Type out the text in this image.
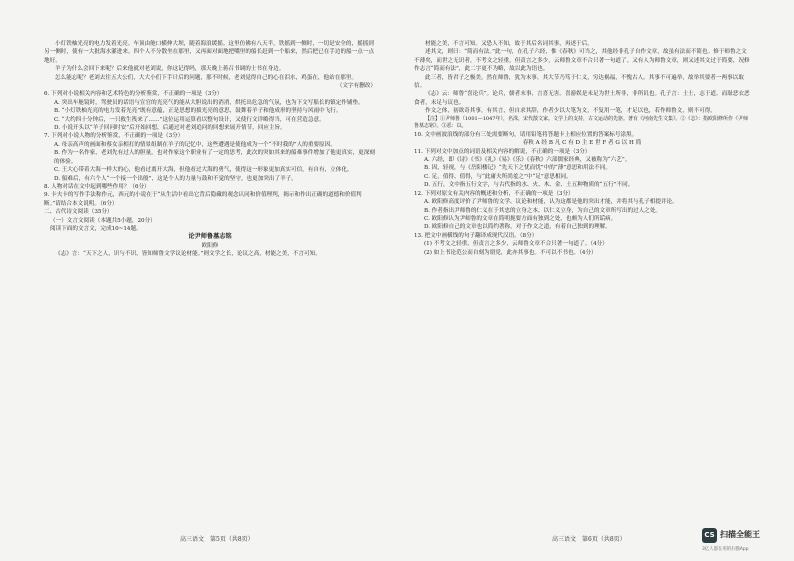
小灯铁柚光亮的电力发着光亮。车顶由舱口横伸大坝，随着海浪缓摇。这里仿佛有八天半，铁摇到一侧时，一切是安全的，摇摇到另一侧时，使有一大批海水灌进来。四个人不分散坐在那里，又再面对面地把嘴里的船长赶到一个船来，然后把已在手边的船一点一点地好。

羊子为什么会回下来呢？后来他就对老刘说，你这记得吗，那天晚上蒋召书调的士书在身边。

怎么能忘呢？老刘去往五大公们，大大小们下手计后的问题，那不时候，老刘觉得自己的心在泪水，鸡蛋在，他站在那里。

（文字有删改）

6. 下列对小说相关内容和艺术特色的分析鉴赏，不正确的一项是（3分）

A. 突出车舱镜时，驾驶员的话语与宣官的光亮气的能从大胆说出的消消，烘托出危急的气氛，也为下文写船长的镇定作铺垫。

B. “小灯铁柚光亮的电力发着光亮”既有意蕴，正是思想的拔光亮的意思，鼓舞着羊子和他成形的坚持与风雨中飞行。

C. “大约四十分钟后，一只救生筏来了……”这位运用运算看以整句设计，又使行文详略得当，可在营造急意。

D. 小说开头以“羊子回问时安”后开始回想，后通过对老刘追问的回想来展开情节，回应主旨。

7. 下列对小说人物的分析鉴赏，不正确的一项是（3分）

A. 母亲高声的画面和蔡女亲相打的情景组制在羊子的记忆中，这些遭遇是使他成为一个“不时我的”人的重要原因。

B. 作为一名作家，老刘先有过人的胆量，也对作家这个职业有了一定的思考，此次的突如其来的船难事件增加了他更真实，更深刻的体验。

C. 王大心带着大海一样大的心，他看过离开大海，但他看过大海的勇气，使得这一形象更加真实可信，有自有，立体化。

D. 船难后，有六个人“一个接一个出般”，这是个人的力量与鼓和不觉的坚守，也更加突出了羊子。

8. 人物对话在文中起到哪些作用？（6分）

9. 卡夫卡的写作手法称作元，西元的小说在于“从生活中看出它背后隐藏的观念认同和价值理判，揭示和作出正确的道德和价值判断。”请结合本文说明。（6分）

二、古代诗文阅读（35分）

（一）文言文阅读（本题共5小题，20分）

阅读下面的文言文，完成10~14题。

论尹师鲁墓志铭

欧阳修

《志》言：“天下之人，识与不识，皆知师鲁文学议论材能。”则文学之长，论议之高，材能之美，不言可知。

高三语文　第5页（共8页）

材能之美，不言可知。又恐人不知，故于其后名词其事，再述于后。

述其文，则曰：“简而有法。”此一句，在孔子六经，惟《春秋》可当之，其他经非孔子自作文章，故虽有法而不简也。修于师鲁之文不薄矣，而世之无识者，不考文之轻重，但责言之多少，云师鲁文章不合只著一句道了。又有人为师鲁文章，则又述其文过于简要，况修作志言“简而有法”，此二字更不为略，故以此为语也。

此三者，皆君子之极美。然在师鲁，犹为末事。其大节乃笃于仁义，穷达祸福，不愧古人。其事不可遍举，故举其要者一两事以取信。

《志》云：师鲁“喜论兵”。论兵，儒者末事，言喜无害。喜游娱是未足为世士所非，非所讥也。孔子言：士士，志于道。而耻恶衣恶食者，未足与议也。

作文之体，初欲奇其事，有其言，但自求其辞，作者少以大笔为文，不复用一笔，才足以也，若作师鲁文，则不可得。

【注】①尹师鲁（1001—1047年），名洙，宋代散文家。文学上的支持，古文运动的先驱。著有《河南先生文集》。②《志》：指欧阳修所作《尹师鲁墓志铭》。③恶：以。

10. 文中画波浪线的部分有三处需要断句，请用铅笔将答题卡上相应位置的答案标号涂黑。

春秋 A 经 B 凡 C 有 D 主 E 世 F 者 G 以 H 简

11. 下列对文中加点的词语及相关内容的解说，不正确的一项是（3分）

A. 六经，即《诗》《书》《礼》《易》《乐》《春秋》六部儒家经典，又被称为“六艺”。

B. 因，轻视，与《岳阳楼记》“先天下之忧而忧”中的“薄”意思和用法不同。

C. 足，值得、值得，与“此庸夫所尚羞之”中“足”意思相同。

D. 五行，文中指五行文字，与古代指的水、火、木、金、土五种物质的“五行”不同。

12. 下列对原文有关内容的概述和分析，不正确的一项是（3分）

A. 欧阳修高度评价了尹师鲁的文学、议论和材能，认为这都是他的突出才能，并将其与孔子相提并论。

B. 作者指出尹师鲁的仁义在于其忠的立身之本，以仁义立身，为自己的文章所写出的过人之处。

C. 欧阳修认为尹师鲁的文章在简明扼要方面有独到之处，也颇为人们所诟病。

D. 欧阳修自己的文章也以简约著称，对于作文之道，有着自己独到的理解。

13. 把文中画横线的句子翻译成现代汉语。（8分）

(1) 不考文之轻重，但责言之多少，云师鲁文章不合只著一句道了。（4分）

(2) 如上书论范公而自刻为朋党，此亦其事也。不可以不书也。（4分）

高三语文　第6页（共8页）
CS 扫描全能王
3亿人都在用的扫描App
